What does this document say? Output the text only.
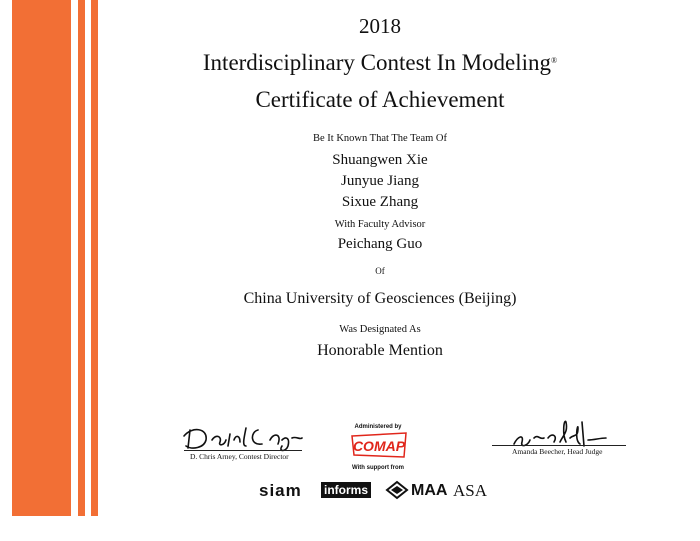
2018
Interdisciplinary Contest In Modeling®
Certificate of Achievement
Be It Known That The Team Of
Shuangwen Xie
Junyue Jiang
Sixue Zhang
With Faculty Advisor
Peichang Guo
Of
China University of Geosciences (Beijing)
Was Designated As
Honorable Mention
D. Chris Arney, Contest Director
Administered by
COMAP
With support from
Amanda Beecher, Head Judge
siam informs	MAA ASA
